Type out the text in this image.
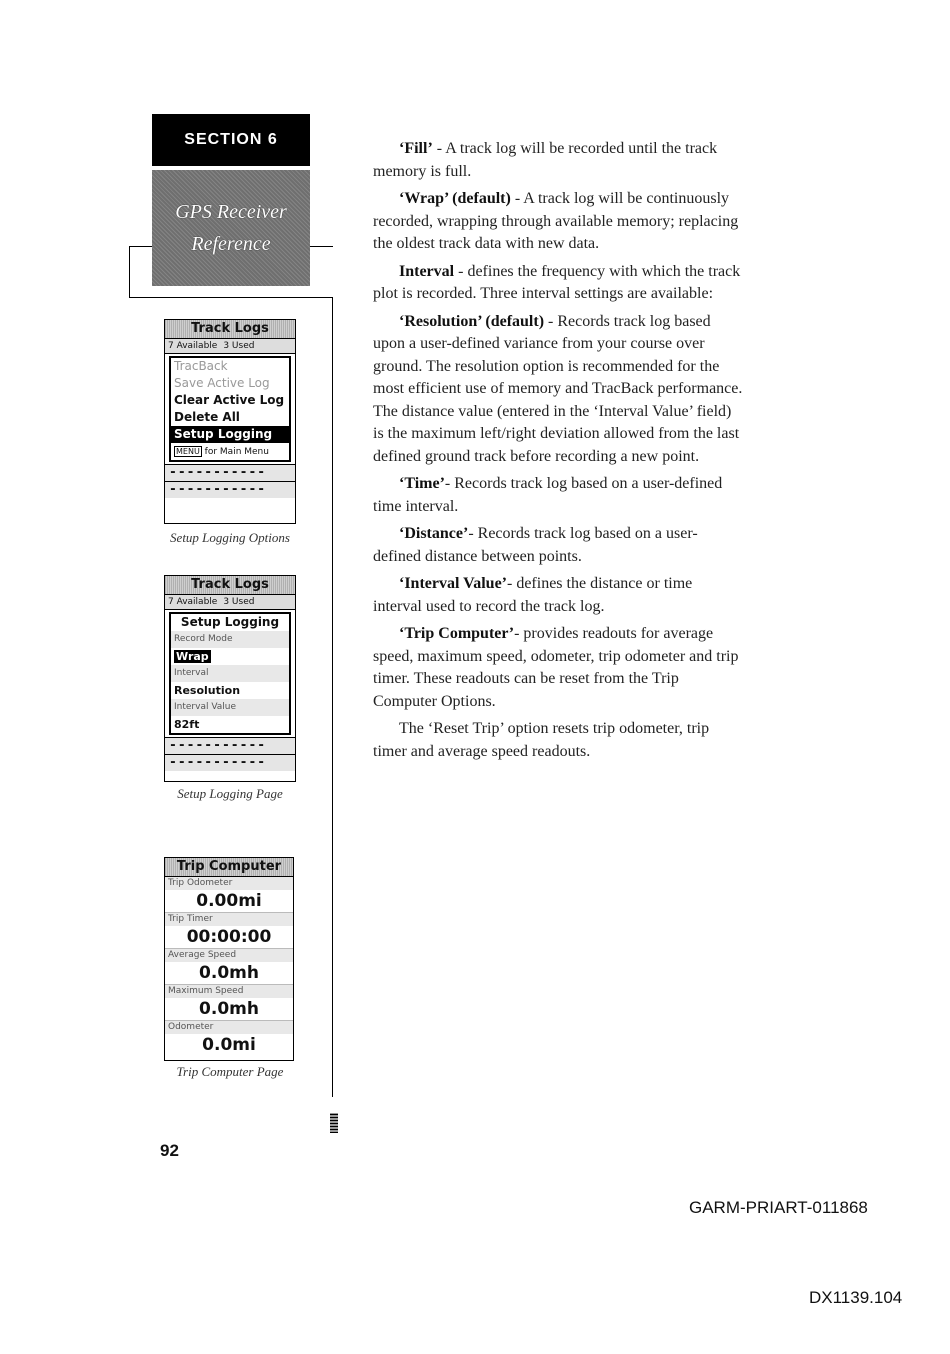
SECTION 6
GPS Receiver
Reference
Track Logs
7 Available 3 Used
TracBack
Save Active Log
Clear Active Log
Delete All
Setup Logging
MENU for Main Menu
-----------
-----------
Setup Logging Options
Track Logs
7 Available 3 Used
Setup Logging
Record Mode
Wrap
Interval
Resolution
Interval Value
82ft
-----------
-----------
Setup Logging Page
Trip Computer
Trip Odometer
0.00mi
Trip Timer
00:00:00
Average Speed
0.0mh
Maximum Speed
0.0mh
Odometer
0.0mi
Trip Computer Page

‘Fill’ - A track log will be recorded until the track memory is full.

‘Wrap’ (default) - A track log will be continuously recorded, wrapping through available memory; replacing the oldest track data with new data.

Interval - defines the frequency with which the track plot is recorded. Three interval settings are available:

‘Resolution’ (default) - Records track log based upon a user-defined variance from your course over ground. The resolution option is recommended for the most efficient use of memory and TracBack performance. The distance value (entered in the ‘Interval Value’ field) is the maximum left/right deviation allowed from the last defined ground track before recording a new point.

‘Time’- Records track log based on a user-defined time interval.

‘Distance’- Records track log based on a user-defined distance between points.

‘Interval Value’- defines the distance or time interval used to record the track log.

‘Trip Computer’- provides readouts for average speed, maximum speed, odometer, trip odometer and trip timer. These readouts can be reset from the Trip Computer Options.

The ‘Reset Trip’ option resets trip odometer, trip timer and average speed readouts.

92
GARM-PRIART-011868
DX1139.104
